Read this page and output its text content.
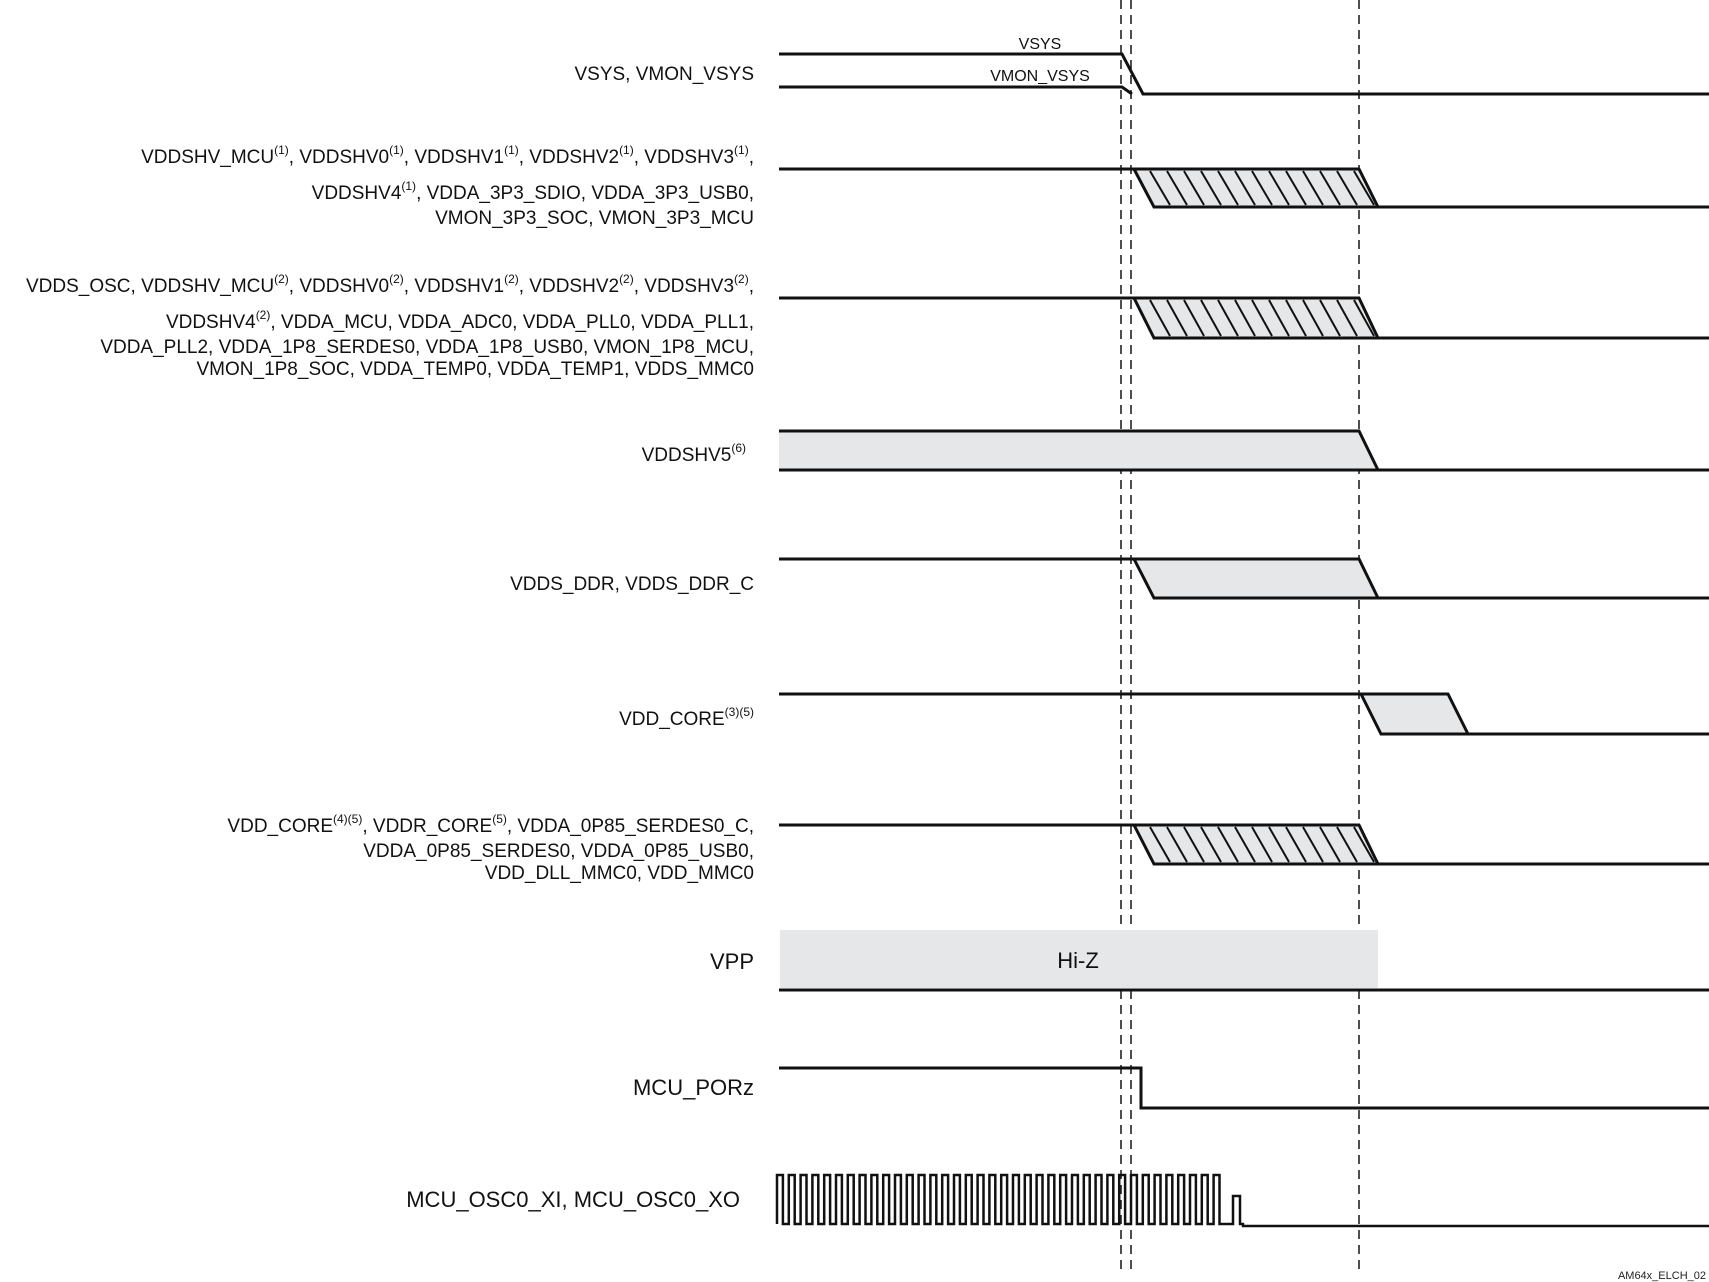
VSYS, VMON_VSYS
VDDSHV_MCU(1), VDDSHV0(1), VDDSHV1(1), VDDSHV2(1), VDDSHV3(1),
VDDSHV4(1), VDDA_3P3_SDIO, VDDA_3P3_USB0,
VMON_3P3_SOC, VMON_3P3_MCU
VDDS_OSC, VDDSHV_MCU(2), VDDSHV0(2), VDDSHV1(2), VDDSHV2(2), VDDSHV3(2),
VDDSHV4(2), VDDA_MCU, VDDA_ADC0, VDDA_PLL0, VDDA_PLL1,
VDDA_PLL2, VDDA_1P8_SERDES0, VDDA_1P8_USB0, VMON_1P8_MCU,
VMON_1P8_SOC, VDDA_TEMP0, VDDA_TEMP1, VDDS_MMC0
VDDSHV5(6)
VDDS_DDR, VDDS_DDR_C
VDD_CORE(3)(5)
VDD_CORE(4)(5), VDDR_CORE(5), VDDA_0P85_SERDES0_C,
VDDA_0P85_SERDES0, VDDA_0P85_USB0,
VDD_DLL_MMC0, VDD_MMC0
VPP
MCU_PORz
MCU_OSC0_XI, MCU_OSC0_XO
VSYS
VMON_VSYS
Hi-Z
AM64x_ELCH_02
